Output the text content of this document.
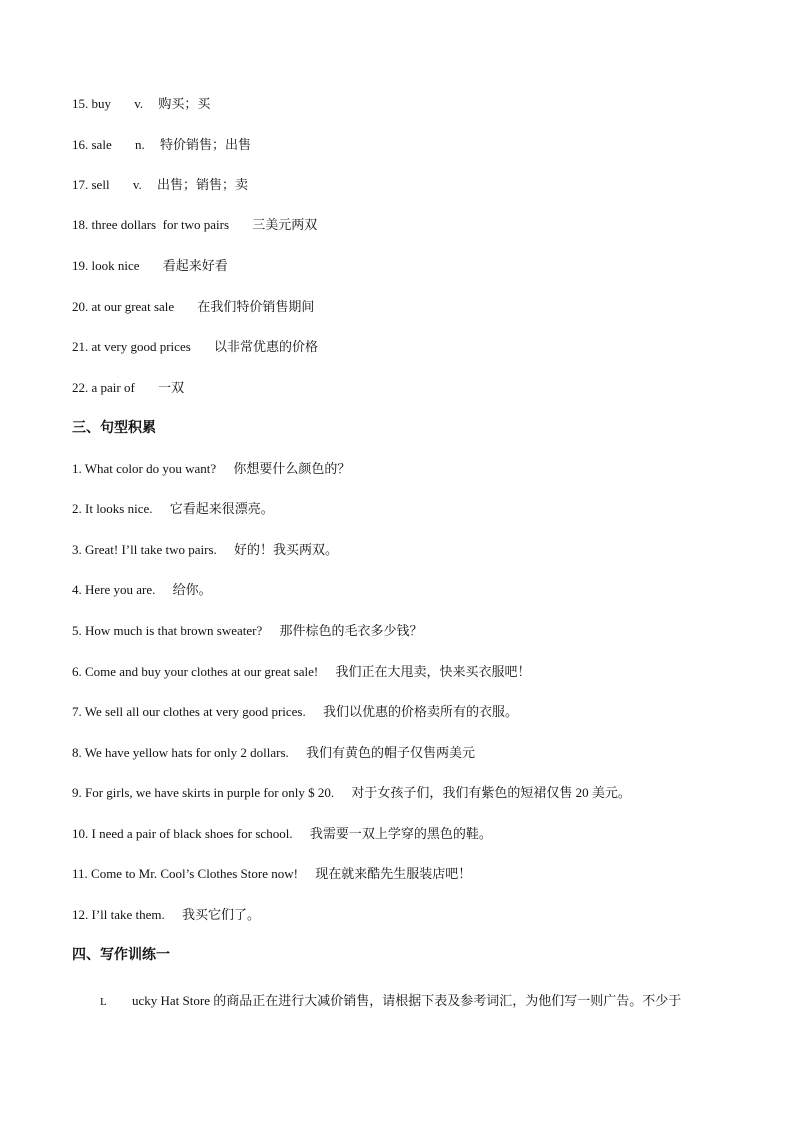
15. buy v. 购买；买
16. sale n. 特价销售；出售
17. sell v. 出售；销售；卖
18. three dollars  for two pairs 三美元两双
19. look nice 看起来好看
20. at our great sale 在我们特价销售期间
21. at very good prices 以非常优惠的价格
22. a pair of 一双
三、句型积累
1. What color do you want? 你想要什么颜色的？
2. It looks nice. 它看起来很漂亮。
3. Great! I’ll take two pairs. 好的！我买两双。
4. Here you are. 给你。
5. How much is that brown sweater? 那件棕色的毛衣多少钱？
6. Come and buy your clothes at our great sale! 我们正在大甩卖，快来买衣服吧！
7. We sell all our clothes at very good prices. 我们以优惠的价格卖所有的衣服。
8. We have yellow hats for only 2 dollars. 我们有黄色的帽子仅售两美元
9. For girls, we have skirts in purple for only $ 20. 对于女孩子们，我们有紫色的短裙仅售 20 美元。
10. I need a pair of black shoes for school. 我需要一双上学穿的黑色的鞋。
11. Come to Mr. Cool’s Clothes Store now! 现在就来酷先生服装店吧！
12. I’ll take them. 我买它们了。
四、写作训练一
L ucky Hat Store 的商品正在进行大减价销售，请根据下表及参考词汇，为他们写一则广告。不少于
